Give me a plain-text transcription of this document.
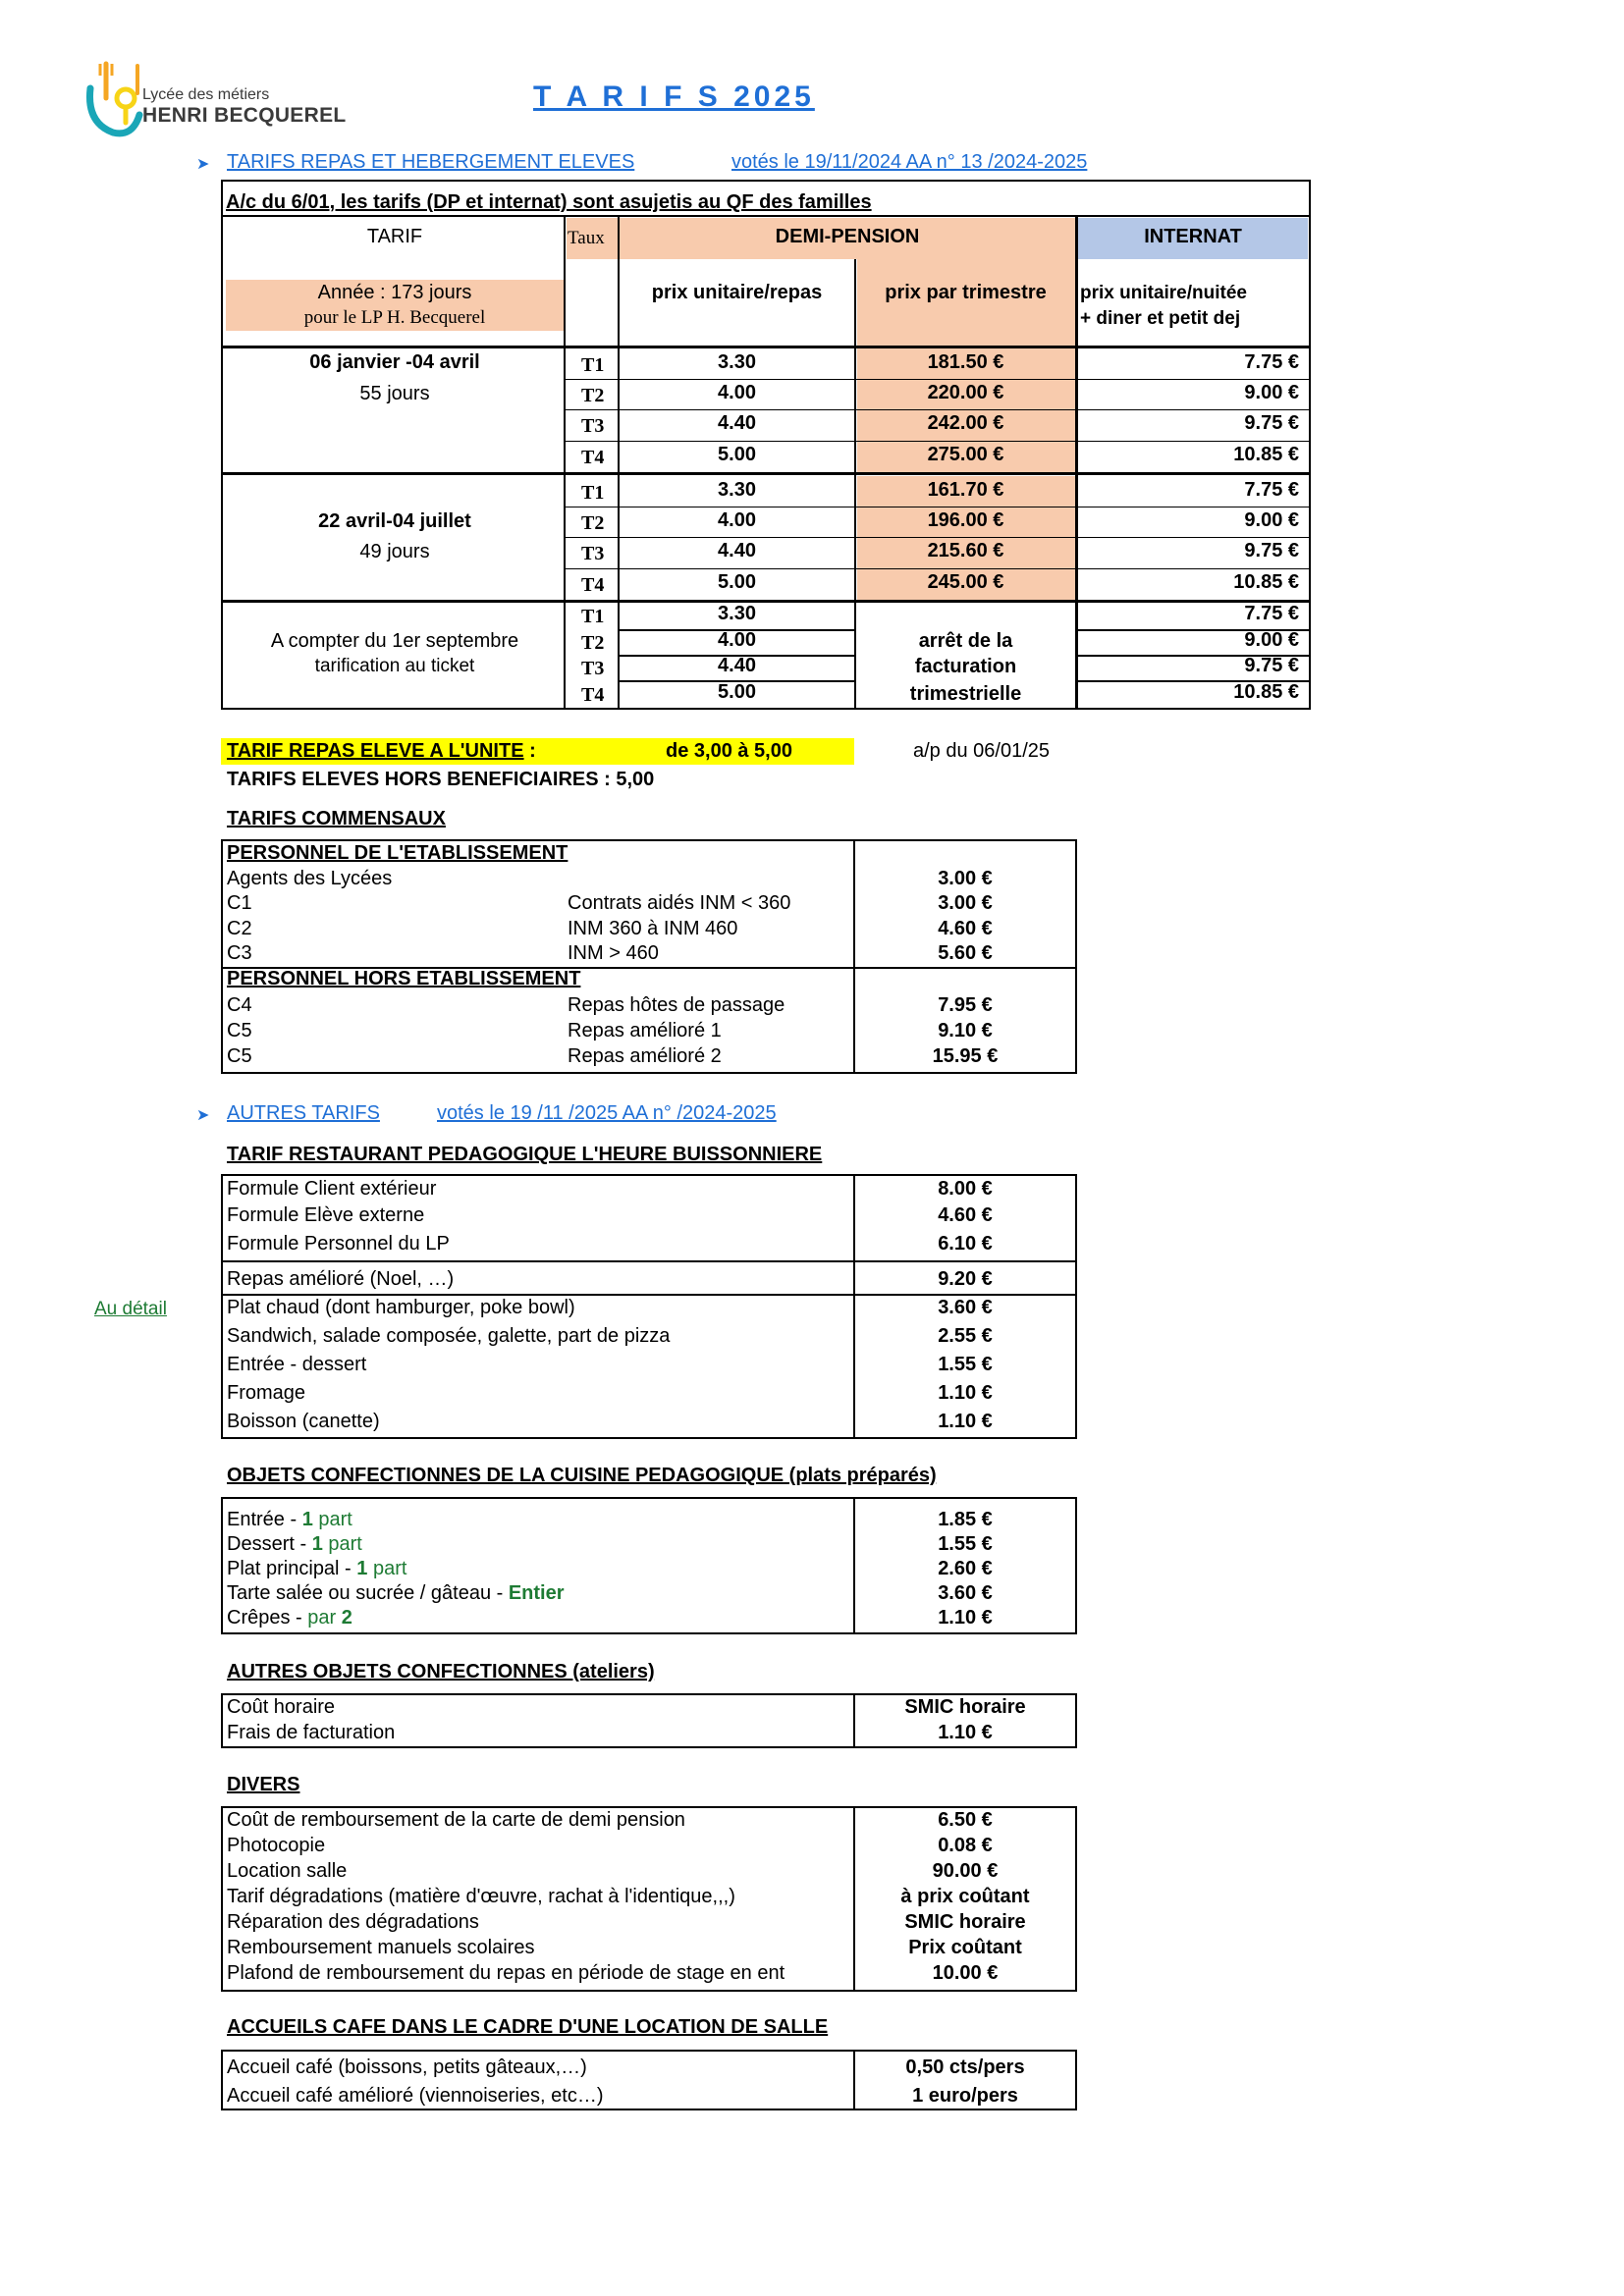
Lycée des métiers
HENRI BECQUEREL
T A R I F S 2025
➤ TARIFS REPAS ET HEBERGEMENT ELEVES	votés le 19/11/2024 AA n° 13 /2024-2025
A/c du 6/01, les tarifs (DP et internat) sont asujetis au QF des familles
TARIF	Taux	DEMI-PENSION	INTERNAT
Année : 173 jours
pour le LP H. Becquerel
prix unitaire/repas	prix par trimestre	prix unitaire/nuitée
+ diner et petit dej
06 janvier -04 avril
55 jours
T1	3.30	181.50 €	7.75 €
T2	4.00	220.00 €	9.00 €
T3	4.40	242.00 €	9.75 €
T4	5.00	275.00 €	10.85 €
22 avril-04 juillet
49 jours
T1	3.30	161.70 €	7.75 €
T2	4.00	196.00 €	9.00 €
T3	4.40	215.60 €	9.75 €
T4	5.00	245.00 €	10.85 €
A compter du 1er septembre
tarification au ticket
T1	3.30	7.75 €
T2	4.00	9.00 €
T3	4.40	9.75 €
T4	5.00	10.85 €
arrêt de la
facturation
trimestrielle
TARIF REPAS ELEVE A L'UNITE :	de 3,00 à 5,00	a/p du 06/01/25
TARIFS ELEVES HORS BENEFICIAIRES : 5,00
TARIFS COMMENSAUX
PERSONNEL DE L'ETABLISSEMENT
Agents des Lycées	3.00 €
C1	Contrats aidés INM < 360	3.00 €
C2	INM 360 à INM 460	4.60 €
C3	INM > 460	5.60 €
PERSONNEL HORS ETABLISSEMENT
C4	Repas hôtes de passage	7.95 €
C5	Repas amélioré 1	9.10 €
C5	Repas amélioré 2	15.95 €
➤ AUTRES TARIFS	votés le 19 /11 /2025 AA n° /2024-2025
TARIF RESTAURANT PEDAGOGIQUE L'HEURE BUISSONNIERE
Formule Client extérieur	8.00 €
Formule Elève externe	4.60 €
Formule Personnel du LP	6.10 €
Repas amélioré (Noel, …)	9.20 €
Au détail	Plat chaud (dont hamburger, poke bowl)	3.60 €
Sandwich, salade composée, galette, part de pizza	2.55 €
Entrée - dessert	1.55 €
Fromage	1.10 €
Boisson (canette)	1.10 €
OBJETS CONFECTIONNES DE LA CUISINE PEDAGOGIQUE (plats préparés)
Entrée - 1 part	1.85 €
Dessert - 1 part	1.55 €
Plat principal - 1 part	2.60 €
Tarte salée ou sucrée / gâteau - Entier	3.60 €
Crêpes - par 2	1.10 €
AUTRES OBJETS CONFECTIONNES (ateliers)
Coût horaire	SMIC horaire
Frais de facturation	1.10 €
DIVERS
Coût de remboursement de la carte de demi pension	6.50 €
Photocopie	0.08 €
Location salle	90.00 €
Tarif dégradations (matière d'œuvre, rachat à l'identique,,,)	à prix coûtant
Réparation des dégradations	SMIC horaire
Remboursement manuels scolaires	Prix coûtant
Plafond de remboursement du repas en période de stage en ent	10.00 €
ACCUEILS CAFE DANS LE CADRE D'UNE LOCATION DE SALLE
Accueil café (boissons, petits gâteaux,…)	0,50 cts/pers
Accueil café amélioré (viennoiseries, etc…)	1 euro/pers
